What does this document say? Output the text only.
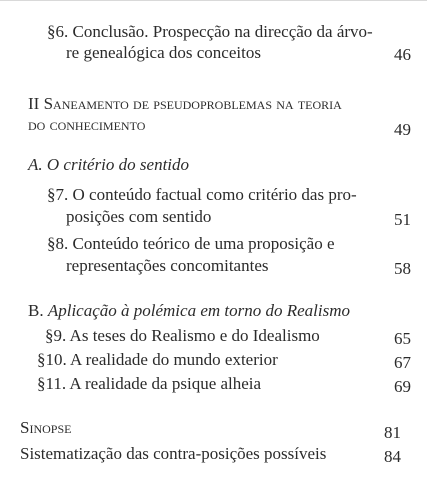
§6. Conclusão. Prospecção na direcção da árvo-
re genealógica dos conceitos	46
II Saneamento de pseudoproblemas na teoria
do conhecimento	49
A. O critério do sentido
§7. O conteúdo factual como critério das pro-
posições com sentido	51
§8. Conteúdo teórico de uma proposição e
representações concomitantes	58
B. Aplicação à polémica em torno do Realismo
§9. As teses do Realismo e do Idealismo	65
§10. A realidade do mundo exterior	67
§11. A realidade da psique alheia	69
Sinopse	81
Sistematização das contra-posições possíveis	84
